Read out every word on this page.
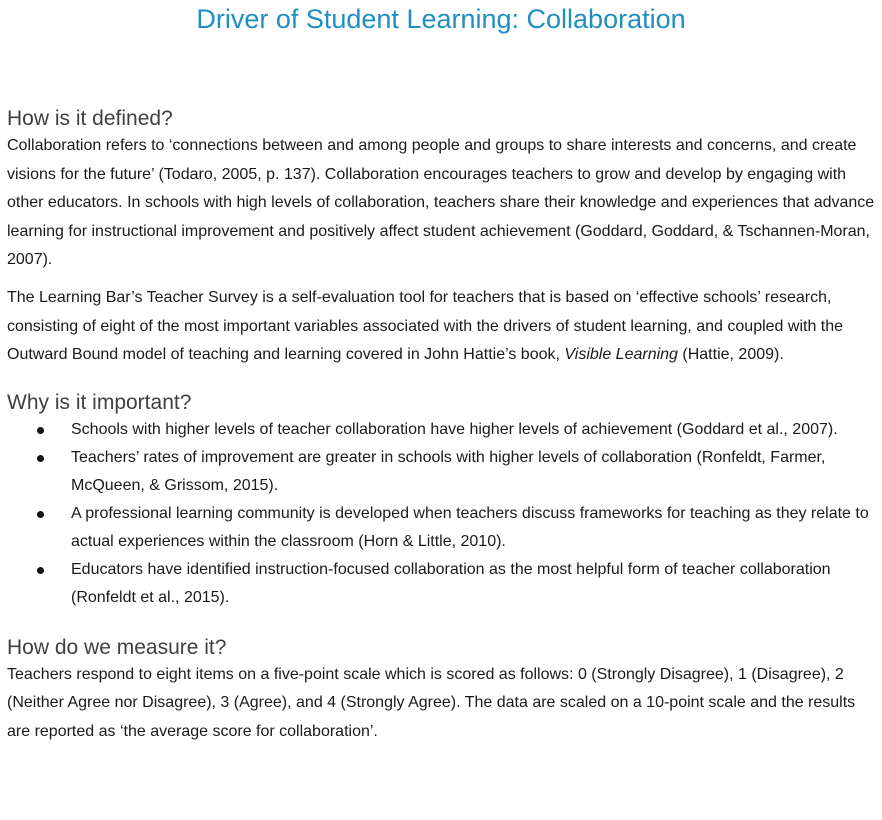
Driver of Student Learning: Collaboration
How is it defined?

Collaboration refers to ‘connections between and among people and groups to share interests and concerns, and create visions for the future’ (Todaro, 2005, p. 137). Collaboration encourages teachers to grow and develop by engaging with other educators. In schools with high levels of collaboration, teachers share their knowledge and experiences that advance learning for instructional improvement and positively affect student achievement (Goddard, Goddard, & Tschannen-Moran, 2007).

The Learning Bar’s Teacher Survey is a self-evaluation tool for teachers that is based on ‘effective schools’ research, consisting of eight of the most important variables associated with the drivers of student learning, and coupled with the Outward Bound model of teaching and learning covered in John Hattie’s book, Visible Learning (Hattie, 2009).

Why is it important?
Schools with higher levels of teacher collaboration have higher levels of achievement (Goddard et al., 2007).
Teachers’ rates of improvement are greater in schools with higher levels of collaboration (Ronfeldt, Farmer, McQueen, & Grissom, 2015).
A professional learning community is developed when teachers discuss frameworks for teaching as they relate to actual experiences within the classroom (Horn & Little, 2010).
Educators have identified instruction-focused collaboration as the most helpful form of teacher collaboration (Ronfeldt et al., 2015).
How do we measure it?

Teachers respond to eight items on a five-point scale which is scored as follows: 0 (Strongly Disagree), 1 (Disagree), 2 (Neither Agree nor Disagree), 3 (Agree), and 4 (Strongly Agree). The data are scaled on a 10-point scale and the results are reported as ‘the average score for collaboration’.
